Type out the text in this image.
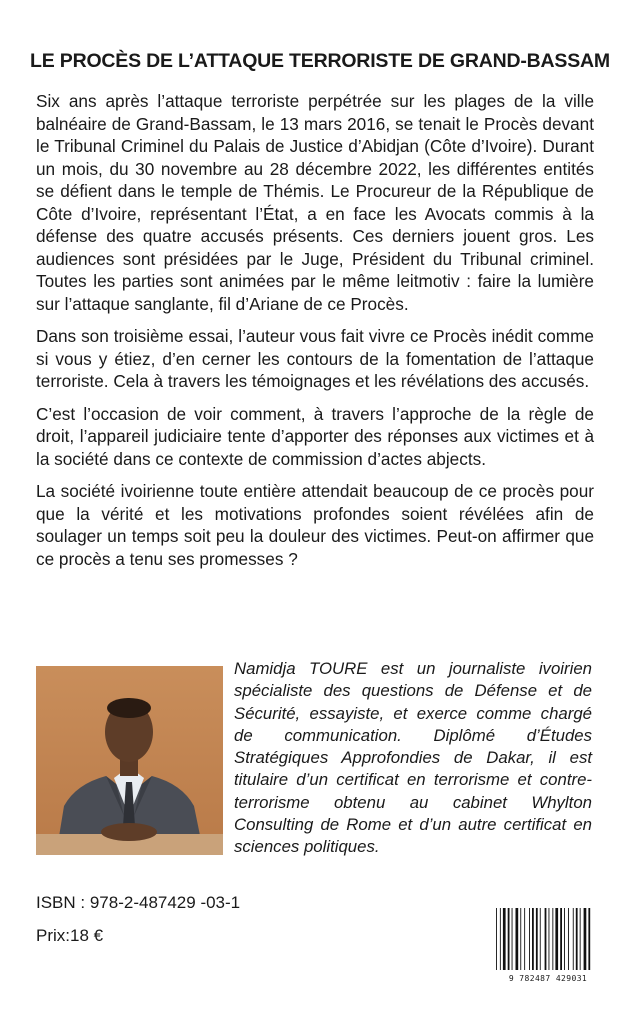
LE PROCÈS DE L’ATTAQUE TERRORISTE DE GRAND-BASSAM

Six ans après l’attaque terroriste perpétrée sur les plages de la ville balnéaire de Grand-Bassam, le 13 mars 2016, se tenait le Procès devant le Tribunal Criminel du Palais de Justice d’Abidjan (Côte d’Ivoire). Durant un mois, du 30 novembre au 28 décembre 2022, les différentes entités se défient dans le temple de Thémis. Le Procureur de la République de Côte d’Ivoire, représentant l’État, a en face les Avocats commis à la défense des quatre accusés présents. Ces derniers jouent gros. Les audiences sont présidées par le Juge, Président du Tribunal criminel. Toutes les parties sont animées par le même leitmotiv : faire la lumière sur l’attaque sanglante, fil d’Ariane de ce Procès.

Dans son troisième essai, l’auteur vous fait vivre ce Procès inédit comme si vous y étiez, d’en cerner les contours de la fomentation de l’attaque terroriste. Cela à travers les témoignages et les révélations des accusés.

C’est l’occasion de voir comment, à travers l’approche de la règle de droit, l’appareil judiciaire tente d’apporter des réponses aux victimes et à la société dans ce contexte de commission d’actes abjects.

La société ivoirienne toute entière attendait beaucoup de ce procès pour que la vérité et les motivations profondes soient révélées afin de soulager un temps soit peu la douleur des victimes. Peut-on affirmer que ce procès a tenu ses promesses ?

Namidja TOURE est un journaliste ivoirien spécialiste des questions de Défense et de Sécurité, essayiste, et exerce comme chargé de communication. Diplômé d’Études Stratégiques Approfondies de Dakar, il est titulaire d’un certificat en terrorisme et contre-terrorisme obtenu au cabinet Whylton Consulting de Rome et d’un autre certificat en sciences politiques.

ISBN : 978-2-487429 -03-1

Prix:18 €

9 782487 429031
